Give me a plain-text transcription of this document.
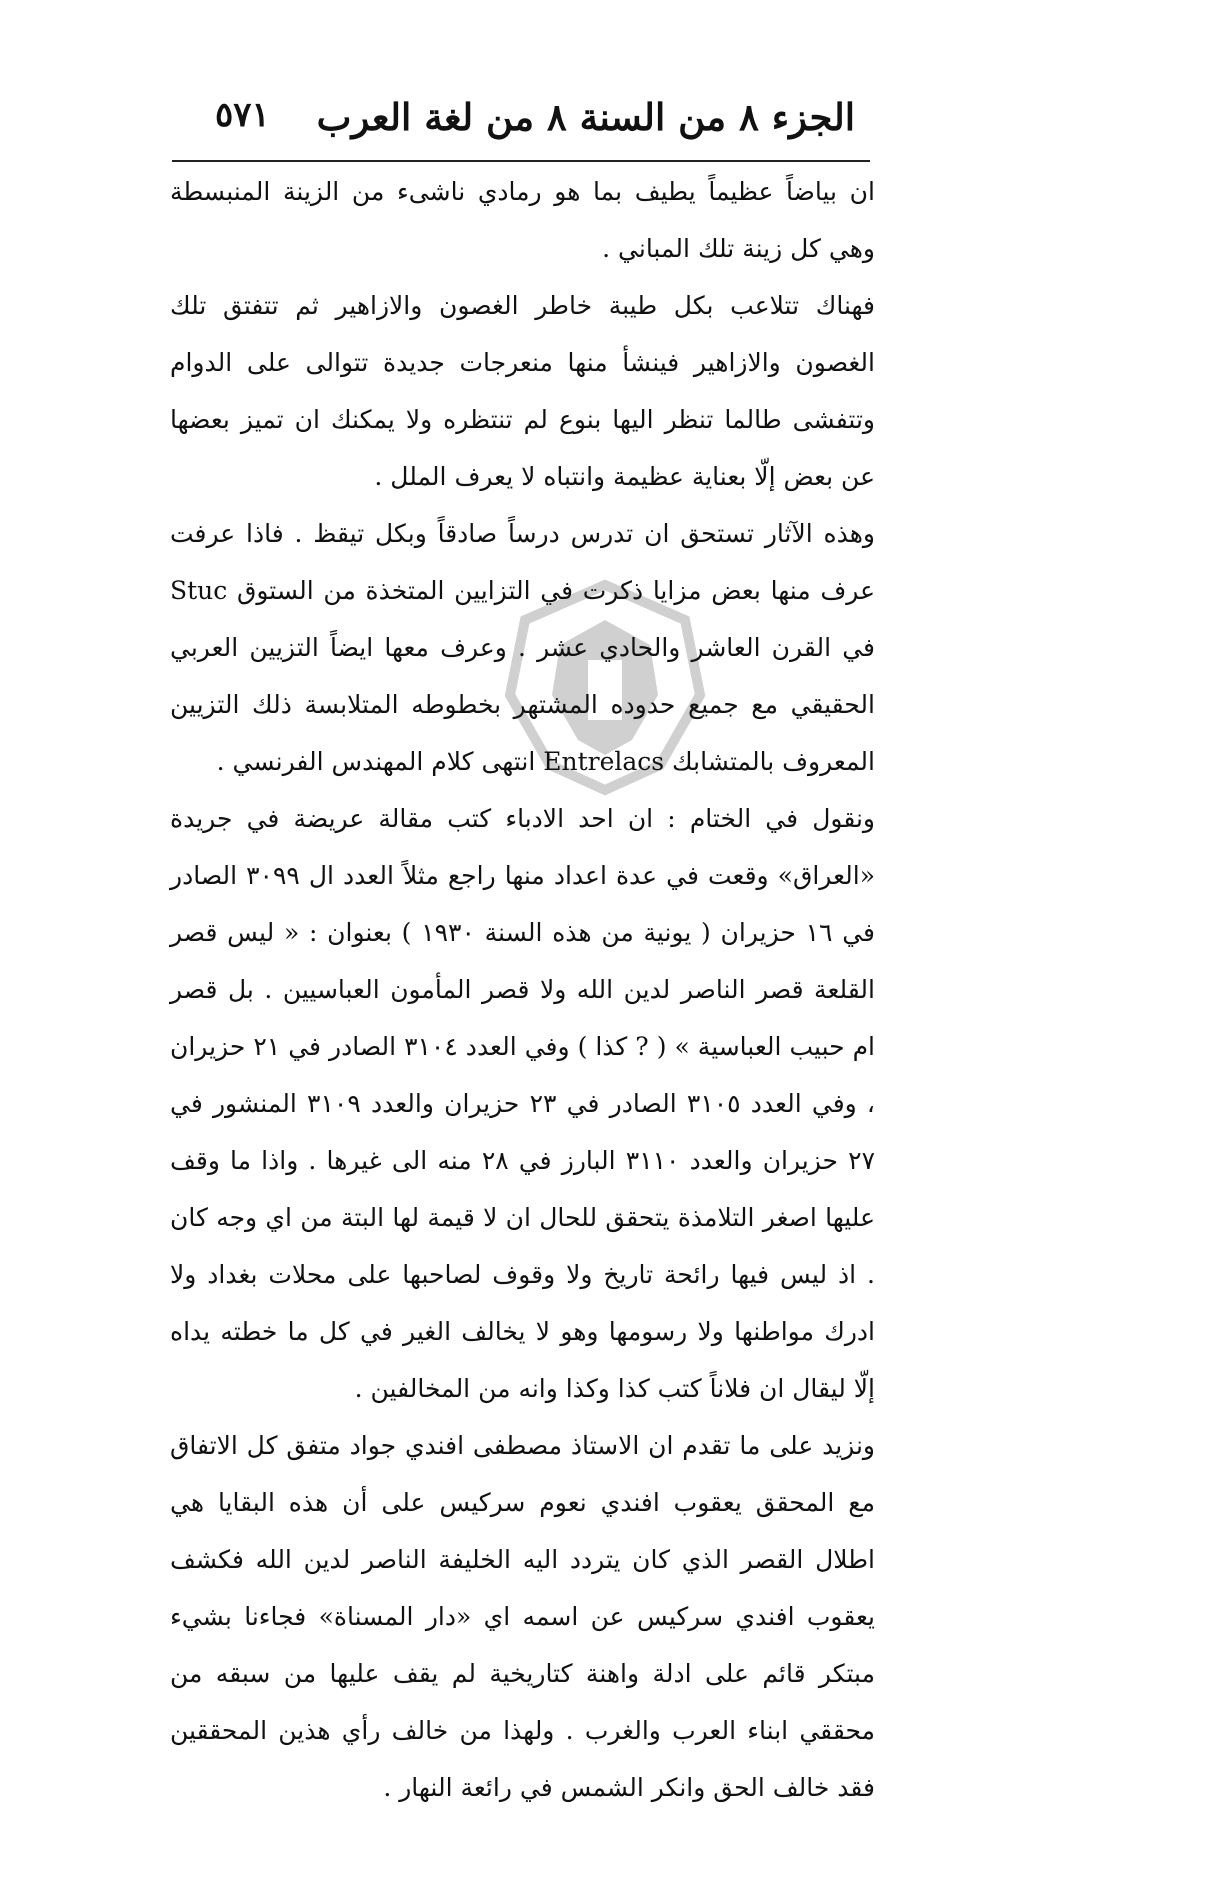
الجزء ٨ من السنة ٨ من لغة العرب
٥٧١

ان بياضاً عظيماً يطيف بما هو رمادي ناشىء من الزينة المنبسطة وهي كل زينة تلك المباني .

فهناك تتلاعب بكل طيبة خاطر الغصون والازاهير ثم تتفتق تلك الغصون والازاهير فينشأ منها منعرجات جديدة تتوالى على الدوام وتتفشى طالما تنظر اليها بنوع لم تنتظره ولا يمكنك ان تميز بعضها عن بعض إلّا بعناية عظيمة وانتباه لا يعرف الملل .

وهذه الآثار تستحق ان تدرس درساً صادقاً وبكل تيقظ . فاذا عرفت عرف منها بعض مزايا ذكرت في التزايين المتخذة من الستوق Stuc في القرن العاشر والحادي عشر . وعرف معها ايضاً التزيين العربي الحقيقي مع جميع حدوده المشتهر بخطوطه المتلابسة ذلك التزيين المعروف بالمتشابك Entrelacs انتهى كلام المهندس الفرنسي .

ونقول في الختام : ان احد الادباء كتب مقالة عريضة في جريدة «العراق» وقعت في عدة اعداد منها راجع مثلاً العدد ال ٣٠٩٩ الصادر في ١٦ حزيران ( يونية من هذه السنة ١٩٣٠ ) بعنوان : « ليس قصر القلعة قصر الناصر لدين الله ولا قصر المأمون العباسيين . بل قصر ام حبيب العباسية » ( ? كذا ) وفي العدد ٣١٠٤ الصادر في ٢١ حزيران ، وفي العدد ٣١٠٥ الصادر في ٢٣ حزيران والعدد ٣١٠٩ المنشور في ٢٧ حزيران والعدد ٣١١٠ البارز في ٢٨ منه الى غيرها . واذا ما وقف عليها اصغر التلامذة يتحقق للحال ان لا قيمة لها البتة من اي وجه كان . اذ ليس فيها رائحة تاريخ ولا وقوف لصاحبها على محلات بغداد ولا ادرك مواطنها ولا رسومها وهو لا يخالف الغير في كل ما خطته يداه إلّا ليقال ان فلاناً كتب كذا وكذا وانه من المخالفين .

ونزيد على ما تقدم ان الاستاذ مصطفى افندي جواد متفق كل الاتفاق مع المحقق يعقوب افندي نعوم سركيس على أن هذه البقايا هي اطلال القصر الذي كان يتردد اليه الخليفة الناصر لدين الله فكشف يعقوب افندي سركيس عن اسمه اي «دار المسناة» فجاءنا بشيء مبتكر قائم على ادلة واهنة كتاريخية لم يقف عليها من سبقه من محققي ابناء العرب والغرب . ولهذا من خالف رأي هذين المحققين فقد خالف الحق وانكر الشمس في رائعة النهار .
